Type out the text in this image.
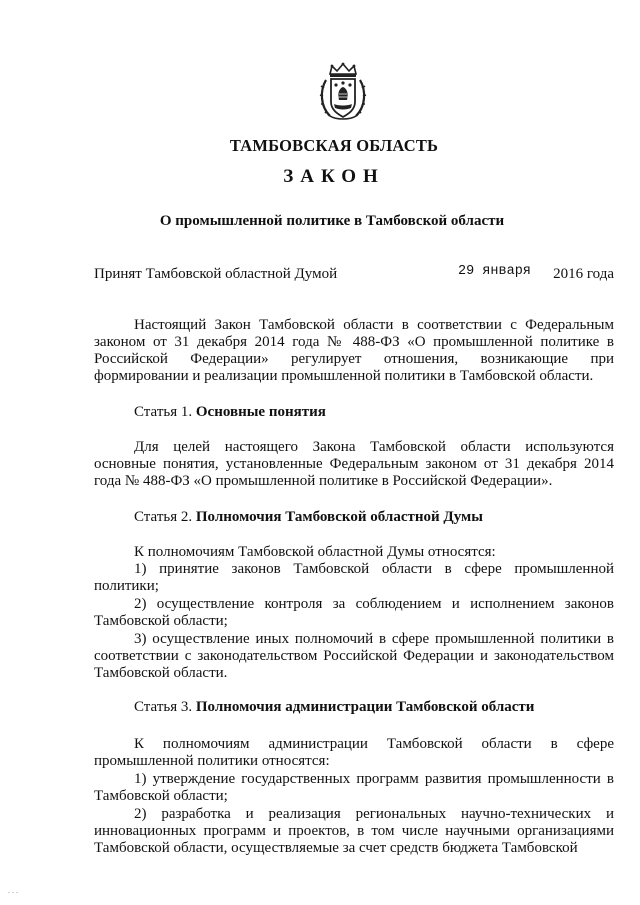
ТАМБОВСКАЯ ОБЛАСТЬ
ЗАКОН
О промышленной политике в Тамбовской области
Принят Тамбовской областной Думой	29 января 2016 года
Настоящий Закон Тамбовской области в соответствии с Федеральным законом от 31 декабря 2014 года № 488-ФЗ «О промышленной политике в Российской Федерации» регулирует отношения, возникающие при формировании и реализации промышленной политики в Тамбовской области.
Статья 1. Основные понятия
Для целей настоящего Закона Тамбовской области используются основные понятия, установленные Федеральным законом от 31 декабря 2014 года № 488-ФЗ «О промышленной политике в Российской Федерации».
Статья 2. Полномочия Тамбовской областной Думы
К полномочиям Тамбовской областной Думы относятся:
1) принятие законов Тамбовской области в сфере промышленной политики;
2) осуществление контроля за соблюдением и исполнением законов Тамбовской области;
3) осуществление иных полномочий в сфере промышленной политики в соответствии с законодательством Российской Федерации и законодательством Тамбовской области.
Статья 3. Полномочия администрации Тамбовской области
К полномочиям администрации Тамбовской области в сфере промышленной политики относятся:
1) утверждение государственных программ развития промышленности в Тамбовской области;
2) разработка и реализация региональных научно-технических и инновационных программ и проектов, в том числе научными организациями Тамбовской области, осуществляемые за счет средств бюджета Тамбовской
. . .
